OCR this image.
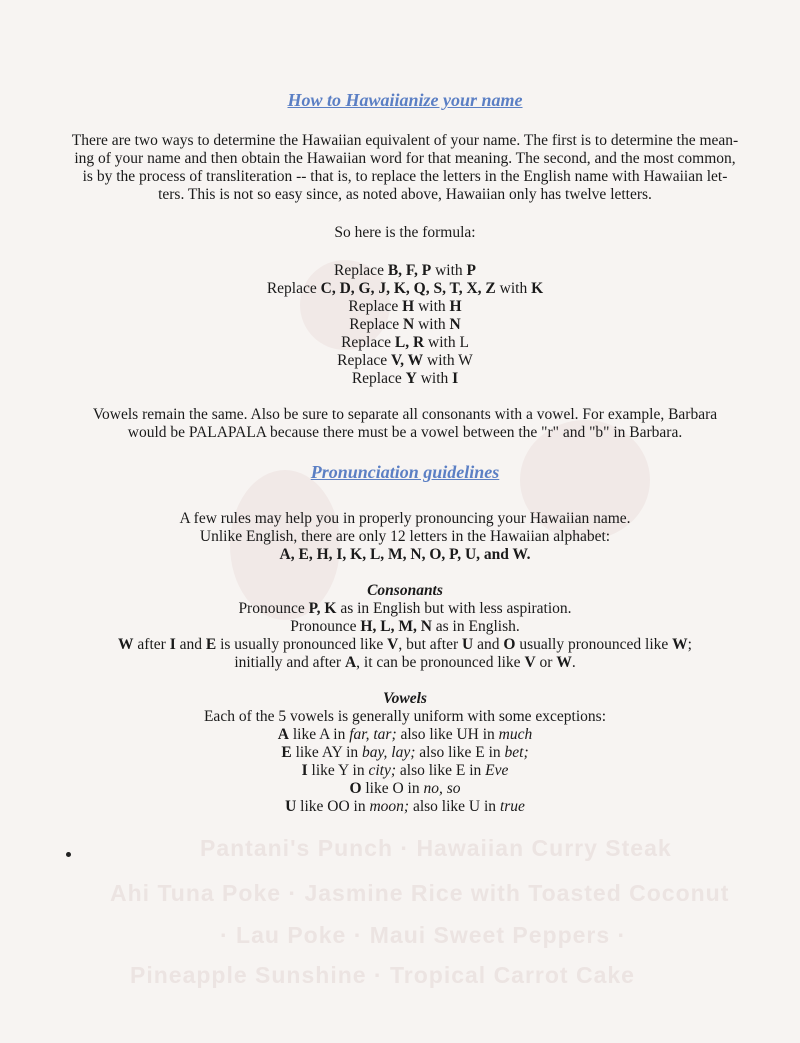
Pantani's Punch · Hawaiian Curry Steak
Ahi Tuna Poke · Jasmine Rice with Toasted Coconut
· Lau Poke · Maui Sweet Peppers ·
Pineapple Sunshine · Tropical Carrot Cake
How to Hawaiianize your name
There are two ways to determine the Hawaiian equivalent of your name. The first is to determine the mean-
ing of your name and then obtain the Hawaiian word for that meaning. The second, and the most common,
is by the process of transliteration -- that is, to replace the letters in the English name with Hawaiian let-
ters. This is not so easy since, as noted above, Hawaiian only has twelve letters.

So here is the formula:

Replace B, F, P with P
Replace C, D, G, J, K, Q, S, T, X, Z with K
Replace H with H
Replace N with N
Replace L, R with L
Replace V, W with W
Replace Y with I
Vowels remain the same. Also be sure to separate all consonants with a vowel. For example, Barbara
would be PALAPALA because there must be a vowel between the "r" and "b" in Barbara.
Pronunciation guidelines
A few rules may help you in properly pronouncing your Hawaiian name.
Unlike English, there are only 12 letters in the Hawaiian alphabet:
A, E, H, I, K, L, M, N, O, P, U, and W.
Consonants
Pronounce P, K as in English but with less aspiration.
Pronounce H, L, M, N as in English.
W after I and E is usually pronounced like V, but after U and O usually pronounced like W;
initially and after A, it can be pronounced like V or W.
Vowels
Each of the 5 vowels is generally uniform with some exceptions:
A like A in far, tar; also like UH in much
E like AY in bay, lay; also like E in bet;
I like Y in city; also like E in Eve
O like O in no, so
U like OO in moon; also like U in true
